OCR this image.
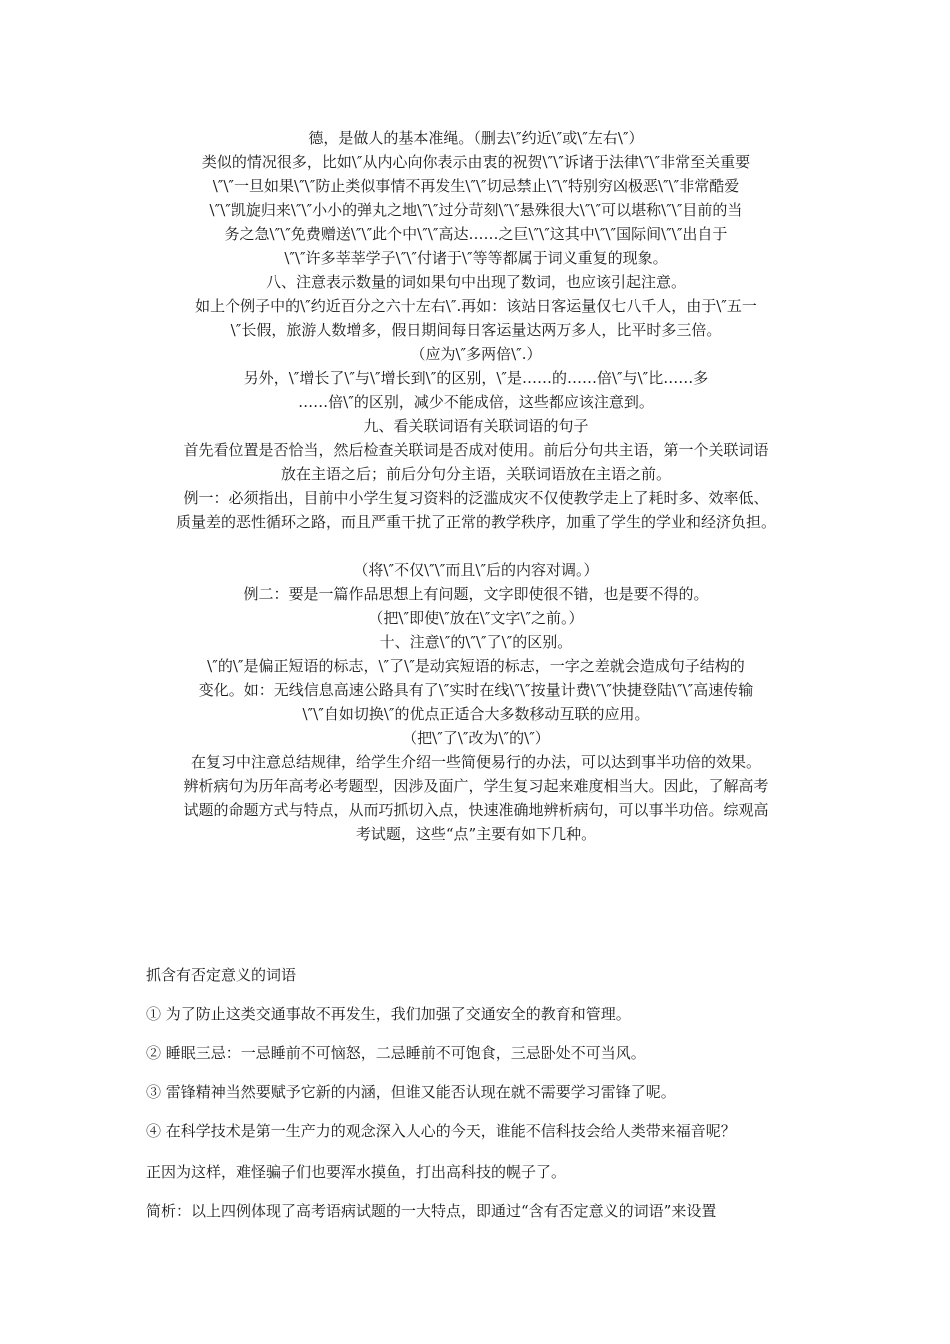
德，是做人的基本准绳。（删去\″约近\″或\″左右\″）
类似的情况很多，比如\″从内心向你表示由衷的祝贺\″\″诉诸于法律\″\″非常至关重要
\″\″一旦如果\″\″防止类似事情不再发生\″\″切忌禁止\″\″特别穷凶极恶\″\″非常酷爱
\″\″凯旋归来\″\″小小的弹丸之地\″\″过分苛刻\″\″悬殊很大\″\″可以堪称\″\″目前的当
务之急\″\″免费赠送\″\″此个中\″\″高达……之巨\″\″这其中\″\″国际间\″\″出自于
\″\″许多莘莘学子\″\″付诸于\″等等都属于词义重复的现象。
八、注意表示数量的词如果句中出现了数词，也应该引起注意。
如上个例子中的\″约近百分之六十左右\″.再如：该站日客运量仅七八千人，由于\″五一
\″长假，旅游人数增多，假日期间每日客运量达两万多人，比平时多三倍。
（应为\″多两倍\″.）
另外，\″增长了\″与\″增长到\″的区别，\″是……的……倍\″与\″比……多
……倍\″的区别，减少不能成倍，这些都应该注意到。
九、看关联词语有关联词语的句子
首先看位置是否恰当，然后检查关联词是否成对使用。前后分句共主语，第一个关联词语
放在主语之后；前后分句分主语，关联词语放在主语之前。
例一：必须指出，目前中小学生复习资料的泛滥成灾不仅使教学走上了耗时多、效率低、
质量差的恶性循环之路，而且严重干扰了正常的教学秩序，加重了学生的学业和经济负担。
（将\″不仅\″\″而且\″后的内容对调。）
例二：要是一篇作品思想上有问题，文字即使很不错，也是要不得的。
（把\″即使\″放在\″文字\″之前。）
十、注意\″的\″\″了\″的区别。
\″的\″是偏正短语的标志，\″了\″是动宾短语的标志，一字之差就会造成句子结构的
变化。如：无线信息高速公路具有了\″实时在线\″\″按量计费\″\″快捷登陆\″\″高速传输
\″\″自如切换\″的优点正适合大多数移动互联的应用。
（把\″了\″改为\″的\″）
在复习中注意总结规律，给学生介绍一些简便易行的办法，可以达到事半功倍的效果。
辨析病句为历年高考必考题型，因涉及面广，学生复习起来难度相当大。因此，了解高考
试题的命题方式与特点，从而巧抓切入点，快速准确地辨析病句，可以事半功倍。综观高
考试题，这些“点”主要有如下几种。
抓含有否定意义的词语
① 为了防止这类交通事故不再发生，我们加强了交通安全的教育和管理。
② 睡眠三忌：一忌睡前不可恼怒，二忌睡前不可饱食，三忌卧处不可当风。
③ 雷锋精神当然要赋予它新的内涵，但谁又能否认现在就不需要学习雷锋了呢。
④ 在科学技术是第一生产力的观念深入人心的今天，谁能不信科技会给人类带来福音呢？
正因为这样，难怪骗子们也要浑水摸鱼，打出高科技的幌子了。
简析：以上四例体现了高考语病试题的一大特点，即通过“含有否定意义的词语”来设置
